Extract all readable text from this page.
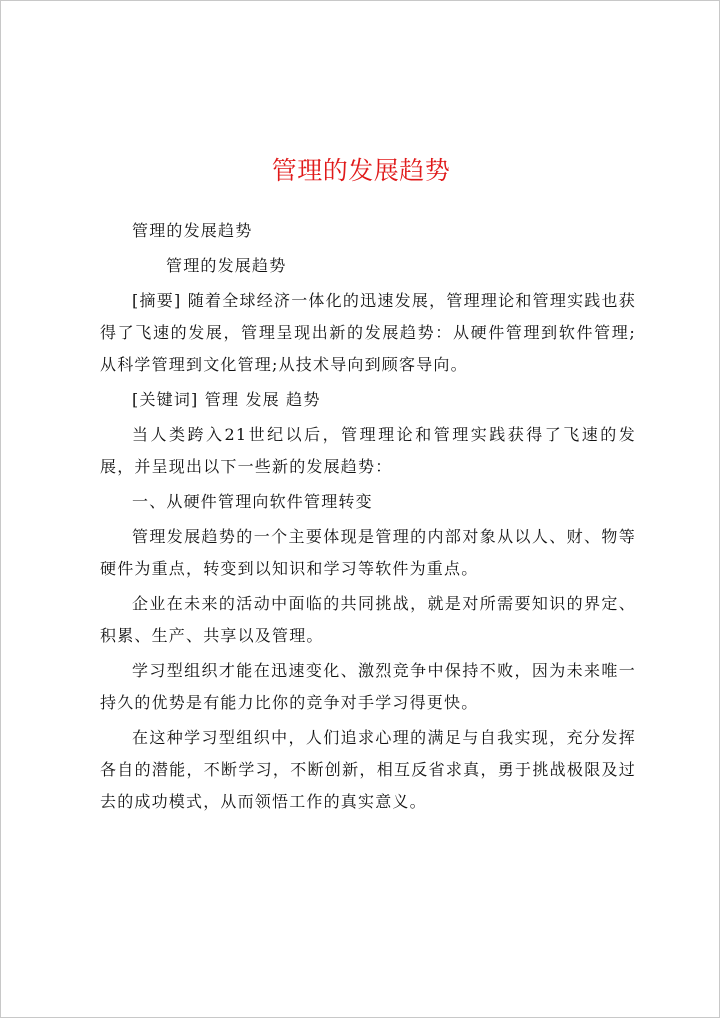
管理的发展趋势

管理的发展趋势

管理的发展趋势

[摘要] 随着全球经济一体化的迅速发展，管理理论和管理实践也获得了飞速的发展，管理呈现出新的发展趋势：从硬件管理到软件管理;从科学管理到文化管理;从技术导向到顾客导向。

[关键词] 管理 发展 趋势

当人类跨入21世纪以后，管理理论和管理实践获得了飞速的发展，并呈现出以下一些新的发展趋势：

一、从硬件管理向软件管理转变

管理发展趋势的一个主要体现是管理的内部对象从以人、财、物等硬件为重点，转变到以知识和学习等软件为重点。

企业在未来的活动中面临的共同挑战，就是对所需要知识的界定、积累、生产、共享以及管理。

学习型组织才能在迅速变化、激烈竞争中保持不败，因为未来唯一持久的优势是有能力比你的竞争对手学习得更快。

在这种学习型组织中，人们追求心理的满足与自我实现，充分发挥各自的潜能，不断学习，不断创新，相互反省求真，勇于挑战极限及过去的成功模式，从而领悟工作的真实意义。
